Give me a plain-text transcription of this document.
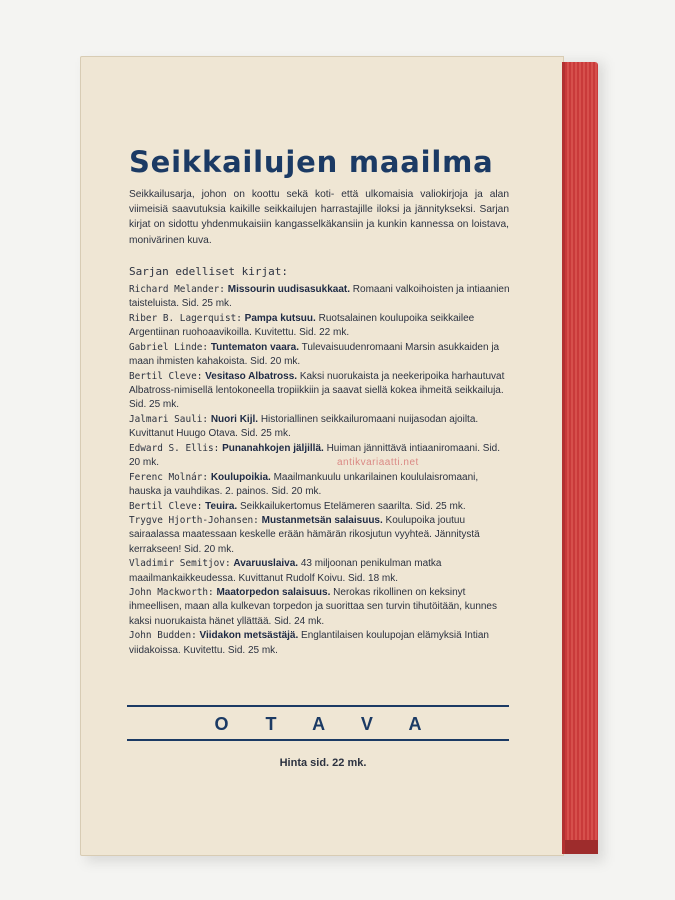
Seikkailujen maailma
Seikkailusarja, johon on koottu sekä koti- että ulkomaisia valiokirjoja ja alan viimeisiä saavutuksia kaikille seikkailujen harrastajille iloksi ja jännitykseksi. Sarjan kirjat on sidottu yhdenmukaisiin kangasselkäkansiin ja kunkin kannessa on loistava, monivärinen kuva.
Sarjan edelliset kirjat:
Richard Melander: Missourin uudisasukkaat. Romaani valkoihoisten ja intiaanien taisteluista. Sid. 25 mk.
Riber B. Lagerquist: Pampa kutsuu. Ruotsalainen koulupoika seikkailee Argentiinan ruohoaavikoilla. Kuvitettu. Sid. 22 mk.
Gabriel Linde: Tuntematon vaara. Tulevaisuudenromaani Marsin asukkaiden ja maan ihmisten kahakoista. Sid. 20 mk.
Bertil Cleve: Vesitaso Albatross. Kaksi nuorukaista ja neekeripoika harhautuvat Albatross-nimisellä lentokoneella tropiikkiin ja saavat siellä kokea ihmeitä seikkailuja. Sid. 25 mk.
Jalmari Sauli: Nuori Kijl. Historiallinen seikkailuromaani nuijasodan ajoilta. Kuvittanut Huugo Otava. Sid. 25 mk.
Edward S. Ellis: Punanahkojen jäljillä. Huiman jännittävä intiaaniromaani. Sid. 20 mk.
Ferenc Molnár: Koulupoikia. Maailmankuulu unkarilainen koululaisromaani, hauska ja vauhdikas. 2. painos. Sid. 20 mk.
Bertil Cleve: Teuira. Seikkailukertomus Etelämeren saarilta. Sid. 25 mk.
Trygve Hjorth-Johansen: Mustanmetsän salaisuus. Koulupoika joutuu sairaalassa maatessaan keskelle erään hämärän rikosjutun vyyhteä. Jännitystä kerrakseen! Sid. 20 mk.
Vladimir Semitjov: Avaruuslaiva. 43 miljoonan penikulman matka maailmankaikkeudessa. Kuvittanut Rudolf Koivu. Sid. 18 mk.
John Mackworth: Maatorpedon salaisuus. Nerokas rikollinen on keksinyt ihmeellisen, maan alla kulkevan torpedon ja suorittaa sen turvin tihutöitään, kunnes kaksi nuorukaista hänet yllättää. Sid. 24 mk.
John Budden: Viidakon metsästäjä. Englantilaisen koulupojan elämyksiä Intian viidakoissa. Kuvitettu. Sid. 25 mk.
OTAVA
Hinta sid. 22 mk.
antikvariaatti.net
